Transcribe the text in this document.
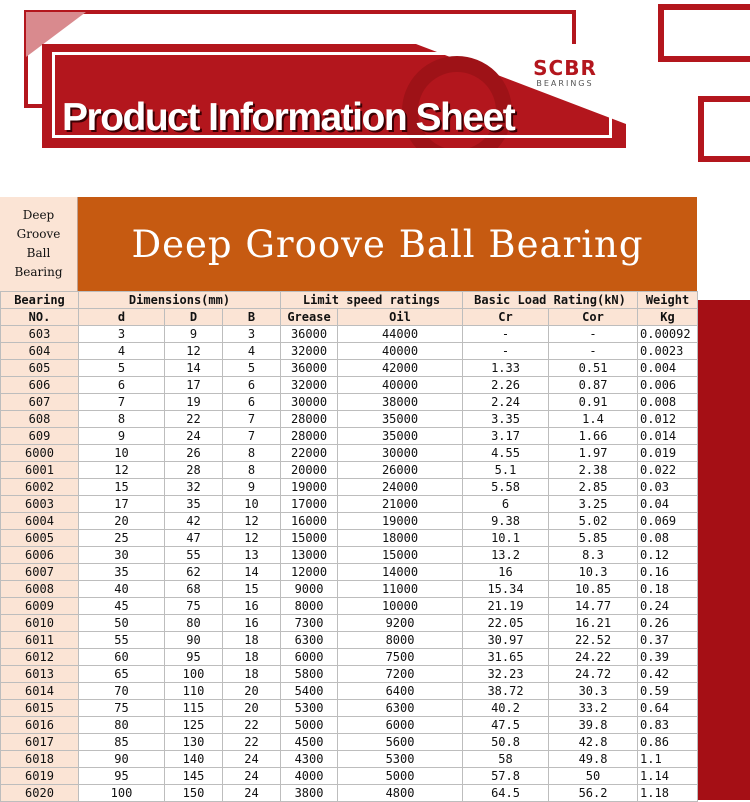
SCBR
BEARINGS
Product Information Sheet
Deep
Groove
Ball
Bearing
Deep Groove Ball Bearing
Bearing	Dimensions(mm)			Limit speed ratings		Basic Load Rating(kN)		Weight
NO.	d	D	B	Grease	Oil	Cr	Cor	Kg
603	3	9	3	36000	44000	-	-	0.00092
604	4	12	4	32000	40000	-	-	0.0023
605	5	14	5	36000	42000	1.33	0.51	0.004
606	6	17	6	32000	40000	2.26	0.87	0.006
607	7	19	6	30000	38000	2.24	0.91	0.008
608	8	22	7	28000	35000	3.35	1.4	0.012
609	9	24	7	28000	35000	3.17	1.66	0.014
6000	10	26	8	22000	30000	4.55	1.97	0.019
6001	12	28	8	20000	26000	5.1	2.38	0.022
6002	15	32	9	19000	24000	5.58	2.85	0.03
6003	17	35	10	17000	21000	6	3.25	0.04
6004	20	42	12	16000	19000	9.38	5.02	0.069
6005	25	47	12	15000	18000	10.1	5.85	0.08
6006	30	55	13	13000	15000	13.2	8.3	0.12
6007	35	62	14	12000	14000	16	10.3	0.16
6008	40	68	15	9000	11000	15.34	10.85	0.18
6009	45	75	16	8000	10000	21.19	14.77	0.24
6010	50	80	16	7300	9200	22.05	16.21	0.26
6011	55	90	18	6300	8000	30.97	22.52	0.37
6012	60	95	18	6000	7500	31.65	24.22	0.39
6013	65	100	18	5800	7200	32.23	24.72	0.42
6014	70	110	20	5400	6400	38.72	30.3	0.59
6015	75	115	20	5300	6300	40.2	33.2	0.64
6016	80	125	22	5000	6000	47.5	39.8	0.83
6017	85	130	22	4500	5600	50.8	42.8	0.86
6018	90	140	24	4300	5300	58	49.8	1.1
6019	95	145	24	4000	5000	57.8	50	1.14
6020	100	150	24	3800	4800	64.5	56.2	1.18
